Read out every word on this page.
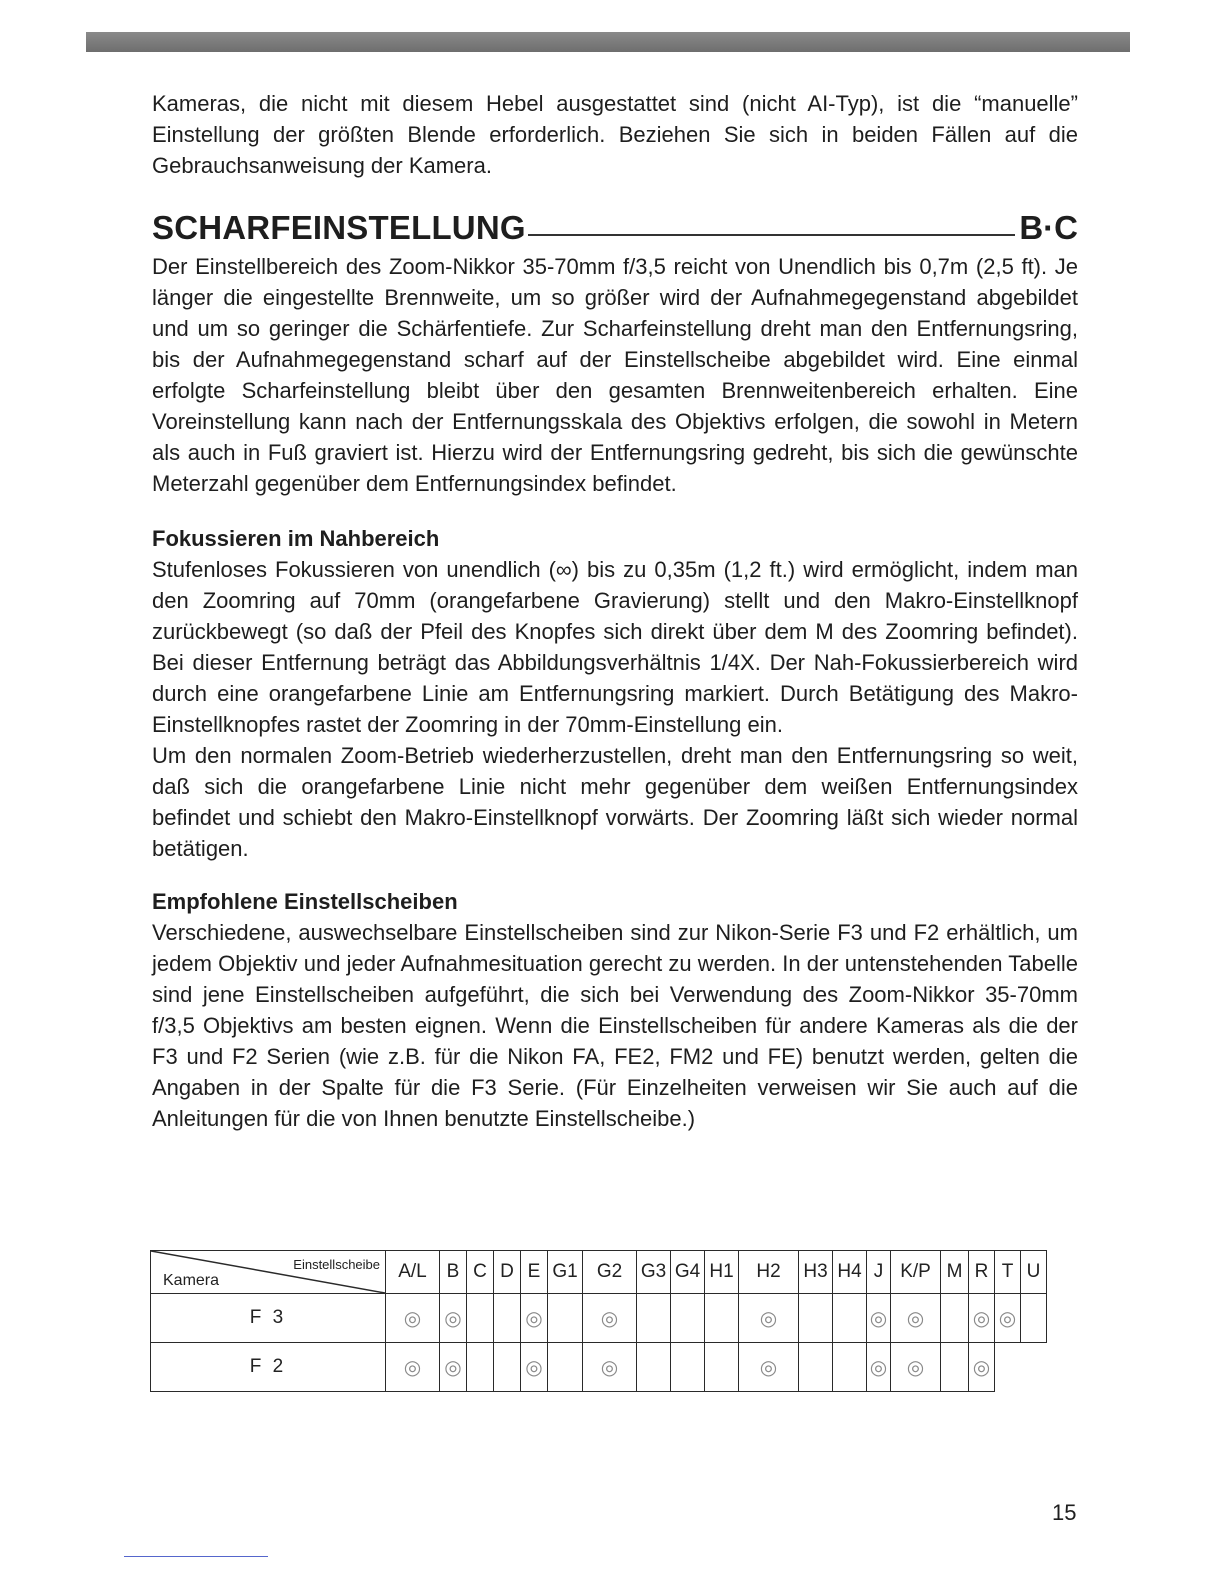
Kameras, die nicht mit diesem Hebel ausgestattet sind (nicht AI-Typ), ist die “manuelle” Einstellung der größten Blende erforderlich. Beziehen Sie sich in beiden Fällen auf die Gebrauchsanweisung der Kamera.

SCHARFEINSTELLUNG	B·C

Der Einstellbereich des Zoom-Nikkor 35-70mm f/3,5 reicht von Unendlich bis 0,7m (2,5 ft). Je länger die eingestellte Brennweite, um so größer wird der Aufnahmegegenstand abgebildet und um so geringer die Schärfentiefe. Zur Scharfeinstellung dreht man den Entfernungsring, bis der Aufnahmegegenstand scharf auf der Einstellscheibe abgebildet wird. Eine einmal erfolgte Scharfeinstellung bleibt über den gesamten Brennweitenbereich erhalten. Eine Voreinstellung kann nach der Entfernungsskala des Objektivs erfolgen, die sowohl in Metern als auch in Fuß graviert ist. Hierzu wird der Entfernungsring gedreht, bis sich die gewünschte Meterzahl gegenüber dem Entfernungsindex befindet.

Fokussieren im Nahbereich

Stufenloses Fokussieren von unendlich (∞) bis zu 0,35m (1,2 ft.) wird ermöglicht, indem man den Zoomring auf 70mm (orangefarbene Gravierung) stellt und den Makro-Einstellknopf zurückbewegt (so daß der Pfeil des Knopfes sich direkt über dem M des Zoomring befindet). Bei dieser Entfernung beträgt das Abbildungsverhältnis 1/4X. Der Nah-Fokussierbereich wird durch eine orangefarbene Linie am Entfernungsring markiert. Durch Betätigung des Makro-Einstellknopfes rastet der Zoomring in der 70mm-Einstellung ein.

Um den normalen Zoom-Betrieb wiederherzustellen, dreht man den Entfernungsring so weit, daß sich die orangefarbene Linie nicht mehr gegenüber dem weißen Entfernungsindex befindet und schiebt den Makro-Einstellknopf vorwärts. Der Zoomring läßt sich wieder normal betätigen.

Empfohlene Einstellscheiben

Verschiedene, auswechselbare Einstellscheiben sind zur Nikon-Serie F3 und F2 erhältlich, um jedem Objektiv und jeder Aufnahmesituation gerecht zu werden. In der untenstehenden Tabelle sind jene Einstellscheiben aufgeführt, die sich bei Verwendung des Zoom-Nikkor 35-70mm f/3,5 Objektivs am besten eignen. Wenn die Einstellscheiben für andere Kameras als die der F3 und F2 Serien (wie z.B. für die Nikon FA, FE2, FM2 und FE) benutzt werden, gelten die Angaben in der Spalte für die F3 Serie. (Für Einzelheiten verweisen wir Sie auch auf die Anleitungen für die von Ihnen benutzte Einstellscheibe.)

Einstellscheibe
Kamera	A/L	B	C	D	E	G1	G2	G3	G4	H1	H2	H3	H4	J	K/P	M	R	T	U
F 3	◎	◎			◎		◎				◎			◎	◎		◎	◎	
F 2	◎	◎			◎		◎				◎			◎	◎		◎		
15
